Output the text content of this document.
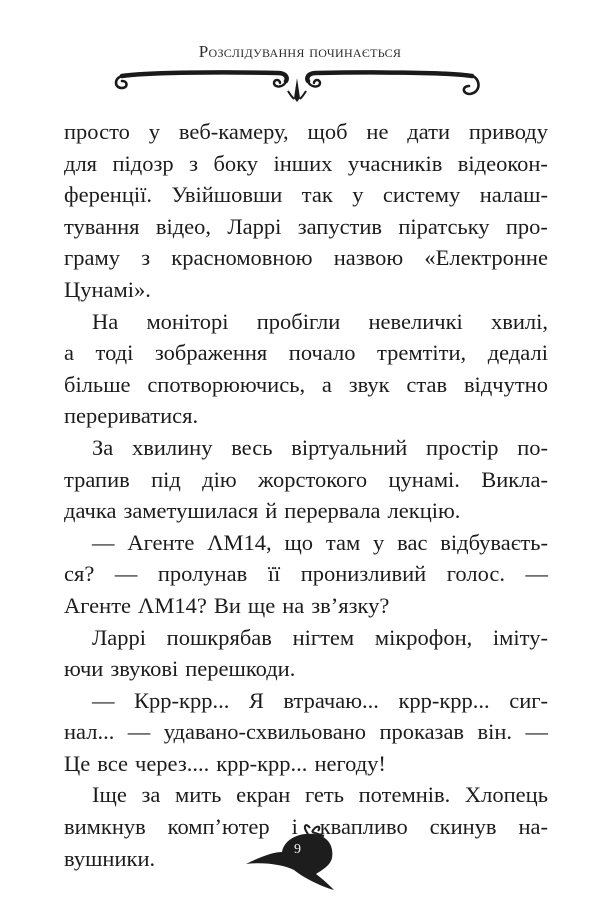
Розслідування починається
просто у веб-камеру, щоб не дати приводу
для підозр з боку інших учасників відеокон-
ференції. Увійшовши так у систему налаш-
тування відео, Ларрі запустив піратську про-
граму з красномовною назвою «Електронне
Цунамі».
На моніторі пробігли невеличкі хвилі,
а тоді зображення почало тремтіти, дедалі
більше спотворюючись, а звук став відчутно
перериватися.
За хвилину весь віртуальний простір по-
трапив під дію жорстокого цунамі. Викла-
дачка заметушилася й перервала лекцію.
— Агенте ΛМ14, що там у вас відбуваєть-
ся? — пролунав її пронизливий голос. —
Агенте ΛМ14? Ви ще на зв’язку?
Ларрі пошкрябав нігтем мікрофон, іміту-
ючи звукові перешкоди.
— Крр-крр... Я втрачаю... крр-крр... сиг-
нал... — удавано-схвильовано проказав він. —
Це все через.... крр-крр... негоду!
Іще за мить екран геть потемнів. Хлопець
вимкнув комп’ютер і квапливо скинув на-
вушники.	9
